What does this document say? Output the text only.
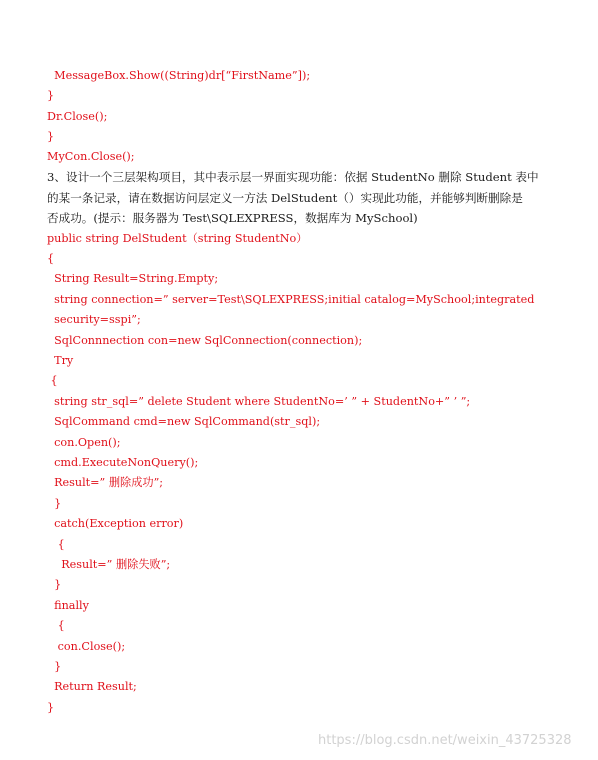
MessageBox.Show((String)dr[“FirstName”]);
}
Dr.Close();
}
MyCon.Close();
3、设计一个三层架构项目，其中表示层一界面实现功能：依据 StudentNo 删除 Student 表中
的某一条记录，请在数据访问层定义一方法 DelStudent（）实现此功能，并能够判断删除是
否成功。(提示：服务器为 Test\SQLEXPRESS，数据库为 MySchool)
public string DelStudent（string StudentNo）
{
String Result=String.Empty;
string connection=” server=Test\SQLEXPRESS;initial catalog=MySchool;integrated
security=sspi”;
SqlConnnection con=new SqlConnection(connection);
Try
{
string str_sql=” delete Student where StudentNo=’ ” + StudentNo+” ’ ”;
SqlCommand cmd=new SqlCommand(str_sql);
con.Open();
cmd.ExecuteNonQuery();
Result=” 删除成功”;
}
catch(Exception error)
{
Result=” 删除失败”;
}
finally
{
con.Close();
}
Return Result;
}
https://blog.csdn.net/weixin_43725328
